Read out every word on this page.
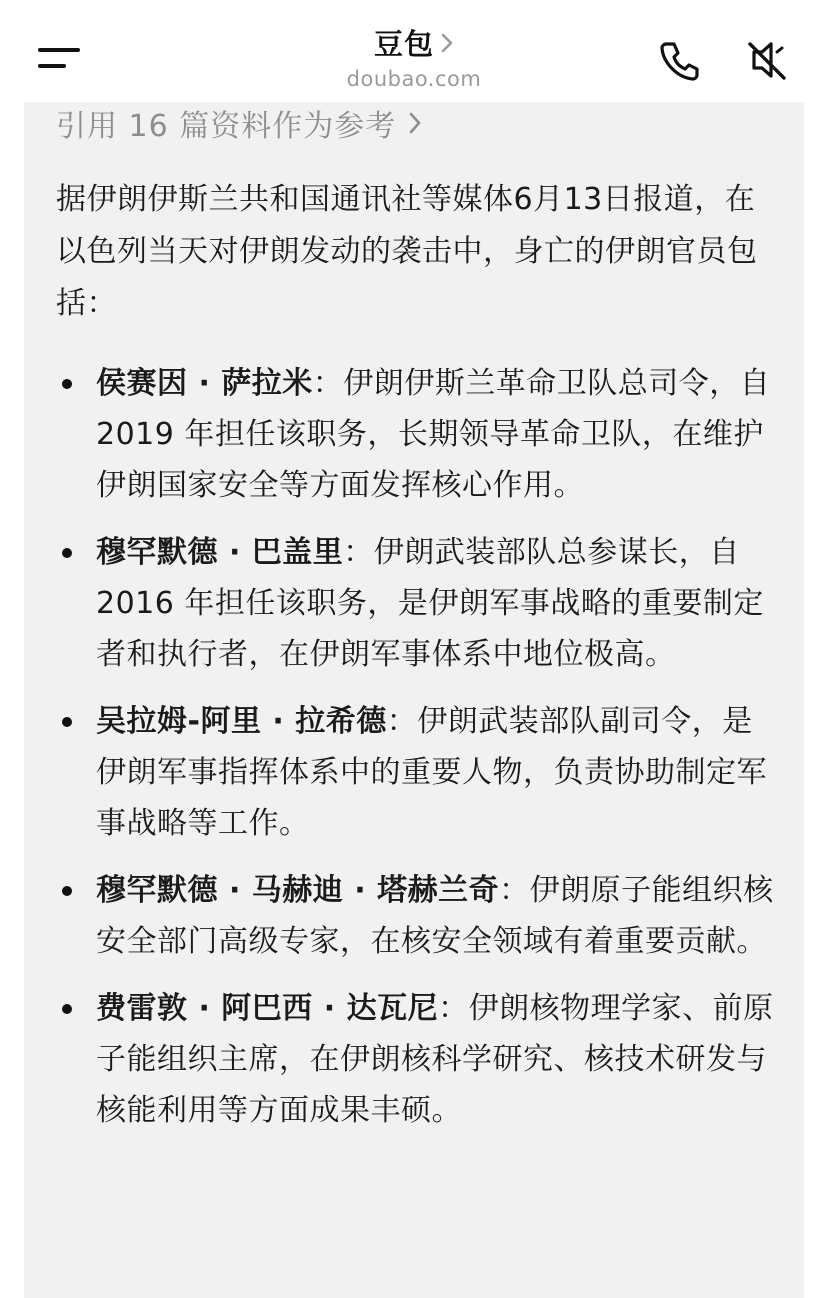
豆包
doubao.com
引用 16 篇资料作为参考

据伊朗伊斯兰共和国通讯社等媒体6月13日报道，在以色列当天对伊朗发动的袭击中，身亡的伊朗官员包括：

侯赛因 · 萨拉米：伊朗伊斯兰革命卫队总司令，自 2019 年担任该职务，长期领导革命卫队，在维护伊朗国家安全等方面发挥核心作用。
穆罕默德 · 巴盖里：伊朗武装部队总参谋长，自 2016 年担任该职务，是伊朗军事战略的重要制定者和执行者，在伊朗军事体系中地位极高。
吴拉姆-阿里 · 拉希德：伊朗武装部队副司令，是伊朗军事指挥体系中的重要人物，负责协助制定军事战略等工作。
穆罕默德 · 马赫迪 · 塔赫兰奇：伊朗原子能组织核安全部门高级专家，在核安全领域有着重要贡献。
费雷敦 · 阿巴西 · 达瓦尼：伊朗核物理学家、前原子能组织主席，在伊朗核科学研究、核技术研发与核能利用等方面成果丰硕。
